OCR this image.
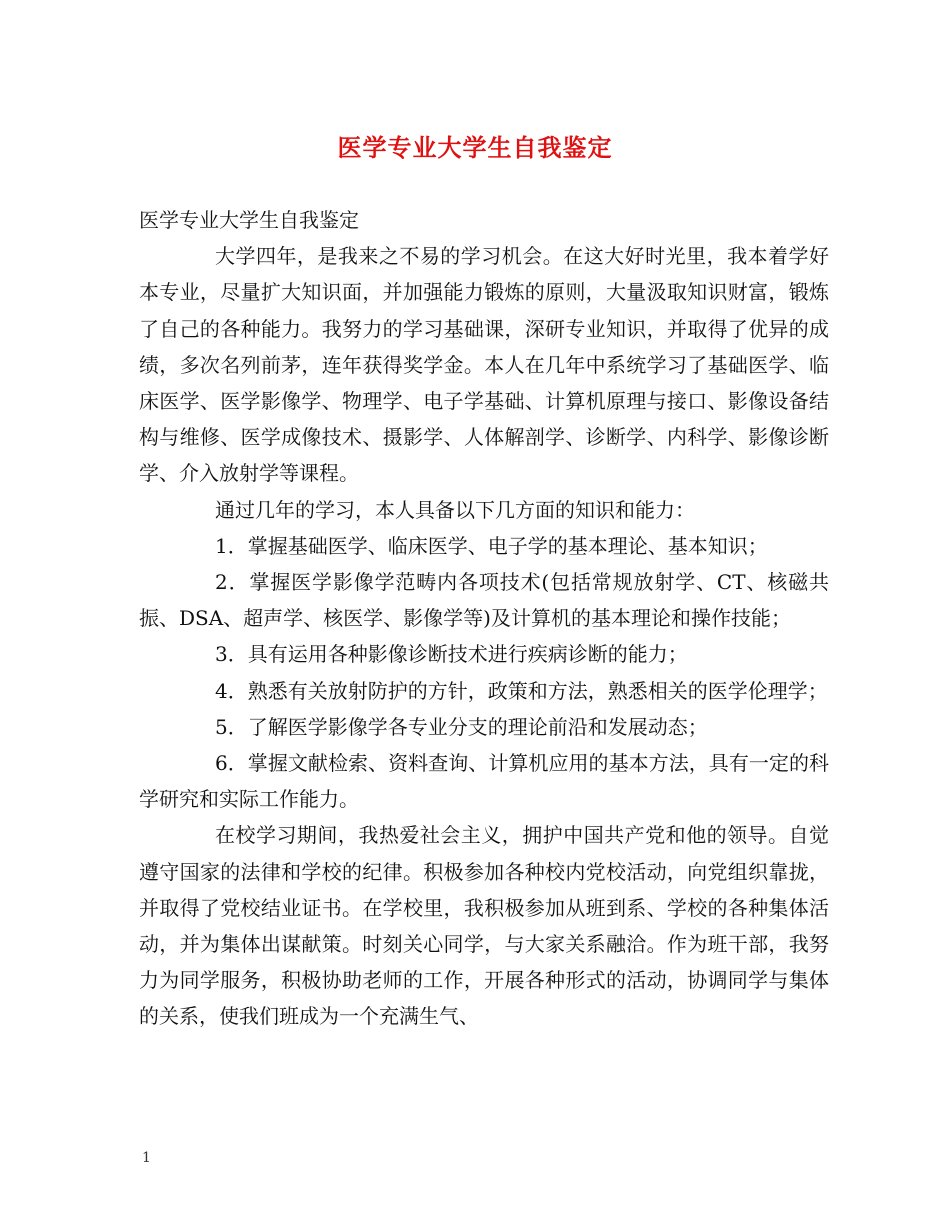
医学专业大学生自我鉴定

医学专业大学生自我鉴定

大学四年，是我来之不易的学习机会。在这大好时光里，我本着学好本专业，尽量扩大知识面，并加强能力锻炼的原则，大量汲取知识财富，锻炼了自己的各种能力。我努力的学习基础课，深研专业知识，并取得了优异的成绩，多次名列前茅，连年获得奖学金。本人在几年中系统学习了基础医学、临床医学、医学影像学、物理学、电子学基础、计算机原理与接口、影像设备结构与维修、医学成像技术、摄影学、人体解剖学、诊断学、内科学、影像诊断学、介入放射学等课程。

通过几年的学习，本人具备以下几方面的知识和能力：

1．掌握基础医学、临床医学、电子学的基本理论、基本知识；

2．掌握医学影像学范畴内各项技术(包括常规放射学、CT、核磁共振、DSA、超声学、核医学、影像学等)及计算机的基本理论和操作技能；

3．具有运用各种影像诊断技术进行疾病诊断的能力；

4．熟悉有关放射防护的方针，政策和方法，熟悉相关的医学伦理学；

5．了解医学影像学各专业分支的理论前沿和发展动态；

6．掌握文献检索、资料查询、计算机应用的基本方法，具有一定的科学研究和实际工作能力。

在校学习期间，我热爱社会主义，拥护中国共产党和他的领导。自觉遵守国家的法律和学校的纪律。积极参加各种校内党校活动，向党组织靠拢，并取得了党校结业证书。在学校里，我积极参加从班到系、学校的各种集体活动，并为集体出谋献策。时刻关心同学，与大家关系融洽。作为班干部，我努力为同学服务，积极协助老师的工作，开展各种形式的活动，协调同学与集体的关系，使我们班成为一个充满生气、

1
